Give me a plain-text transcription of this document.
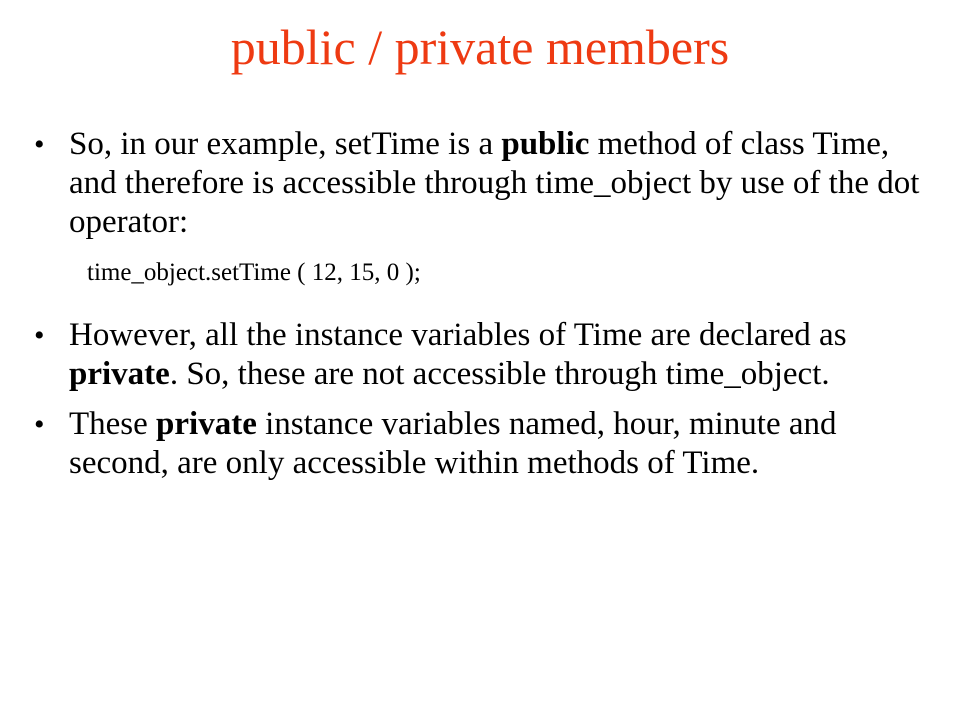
public / private members

• So, in our example, setTime is a public method of class Time, and therefore is accessible through time_object by use of the dot operator:

time_object.setTime ( 12, 15, 0 );

• However, all the instance variables of Time are declared as private. So, these are not accessible through time_object.

• These private instance variables named, hour, minute and second, are only accessible within methods of Time.
